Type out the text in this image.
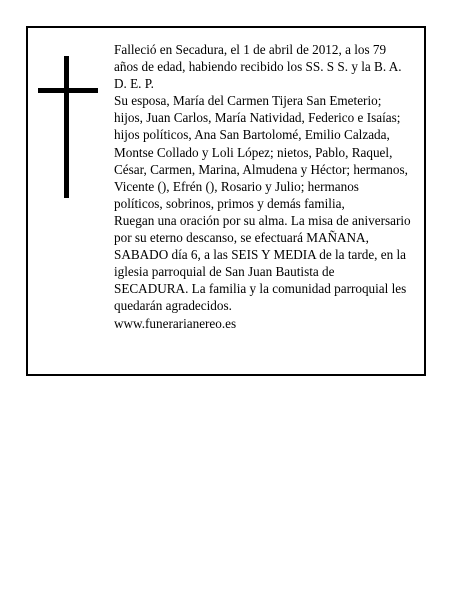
Falleció en Secadura, el 1 de abril de 2012, a los 79
años de edad, habiendo recibido los SS. S S. y la B. A.
D. E. P.
Su esposa, María del Carmen Tijera San Emeterio;
hijos, Juan Carlos, María Natividad, Federico e Isaías;
hijos políticos, Ana San Bartolomé, Emilio Calzada,
Montse Collado y Loli López; nietos, Pablo, Raquel,
César, Carmen, Marina, Almudena y Héctor; hermanos,
Vicente (), Efrén (), Rosario y Julio; hermanos
políticos, sobrinos, primos y demás familia,
Ruegan una oración por su alma. La misa de aniversario
por su eterno descanso, se efectuará MAÑANA,
SABADO día 6, a las SEIS Y MEDIA de la tarde, en la
iglesia parroquial de San Juan Bautista de
SECADURA. La familia y la comunidad parroquial les
quedarán agradecidos.
www.funerarianereo.es
